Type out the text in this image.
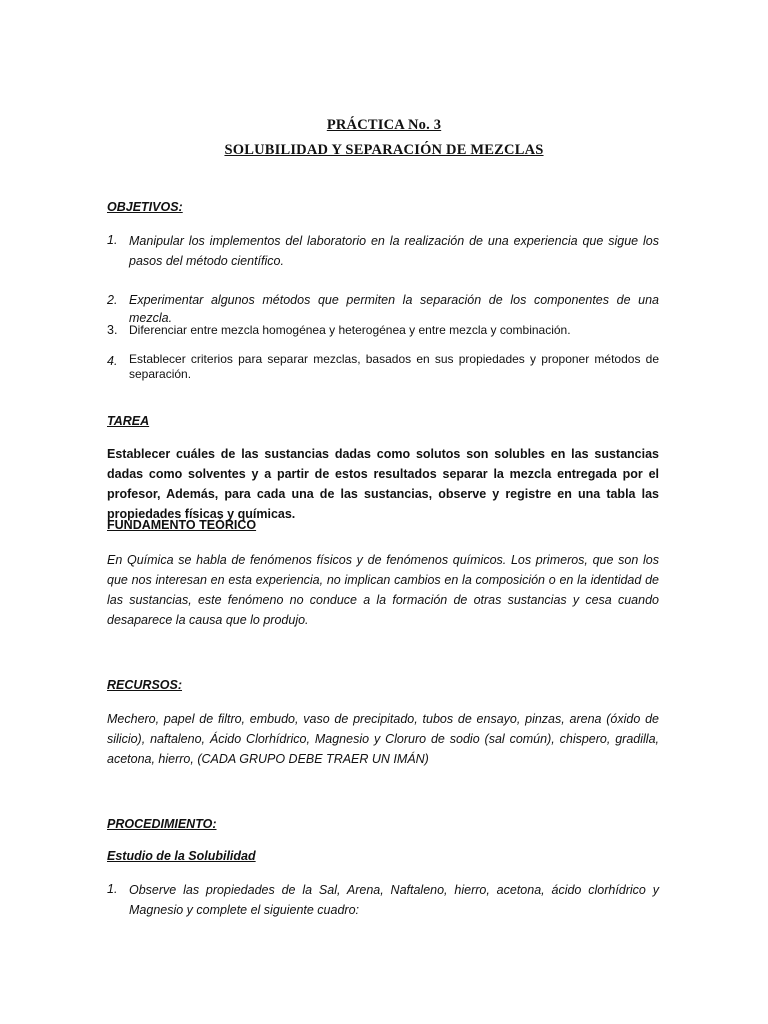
PRÁCTICA No. 3
SOLUBILIDAD Y SEPARACIÓN DE MEZCLAS
OBJETIVOS:
1. Manipular los implementos del laboratorio en la realización de una experiencia que sigue los pasos del método científico.
2. Experimentar algunos métodos que permiten la separación de los componentes de una mezcla.
3. Diferenciar entre mezcla homogénea y heterogénea y entre mezcla y combinación.
4. Establecer criterios para separar mezclas, basados en sus propiedades y proponer métodos de separación.
TAREA
Establecer cuáles de las sustancias dadas como solutos son solubles en las sustancias dadas como solventes y a partir de estos resultados separar la mezcla entregada por el profesor, Además, para cada una de las sustancias, observe y registre en una tabla las propiedades físicas y químicas.
FUNDAMENTO TEÓRICO
En Química se habla de fenómenos físicos y de fenómenos químicos. Los primeros, que son los que nos interesan en esta experiencia, no implican cambios en la composición o en la identidad de las sustancias, este fenómeno no conduce a la formación de otras sustancias y cesa cuando desaparece la causa que lo produjo.
RECURSOS:
Mechero, papel de filtro, embudo, vaso de precipitado, tubos de ensayo, pinzas, arena (óxido de silicio), naftaleno, Ácido Clorhídrico, Magnesio y Cloruro de sodio (sal común), chispero, gradilla, acetona, hierro, (CADA GRUPO DEBE TRAER UN IMÁN)
PROCEDIMIENTO:
Estudio de la Solubilidad
1. Observe las propiedades de la Sal, Arena, Naftaleno, hierro, acetona, ácido clorhídrico y Magnesio y complete el siguiente cuadro:
